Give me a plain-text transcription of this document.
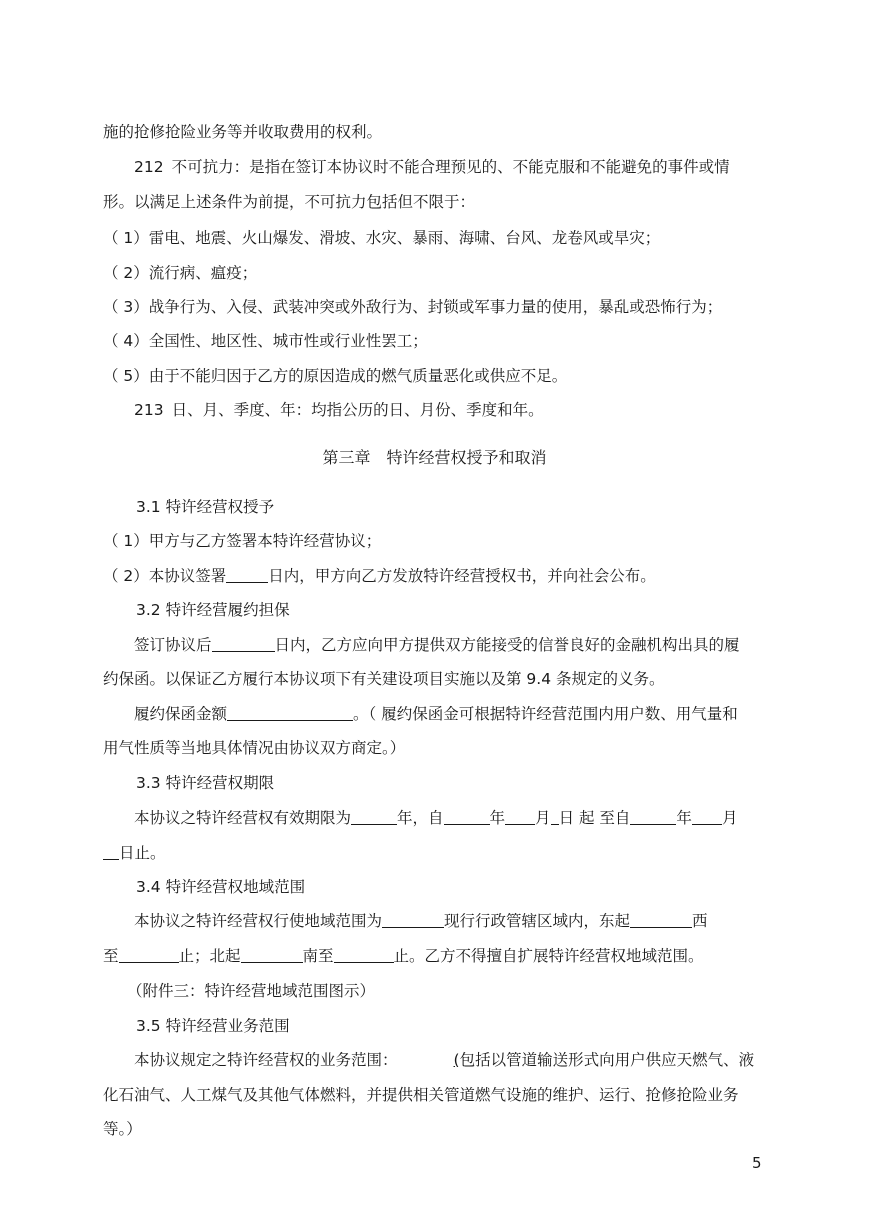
施的抢修抢险业务等并收取费用的权利。
212 不可抗力：是指在签订本协议时不能合理预见的、不能克服和不能避免的事件或情
形。以满足上述条件为前提，不可抗力包括但不限于：
（ 1）雷电、地震、火山爆发、滑坡、水灾、暴雨、海啸、台风、龙卷风或旱灾；
（ 2）流行病、瘟疫；
（ 3）战争行为、入侵、武装冲突或外敌行为、封锁或军事力量的使用，暴乱或恐怖行为；
（ 4）全国性、地区性、城市性或行业性罢工；
（ 5）由于不能归因于乙方的原因造成的燃气质量恶化或供应不足。
213 日、月、季度、年：均指公历的日、月份、季度和年。
第三章　特许经营权授予和取消
3.1 特许经营权授予
（ 1）甲方与乙方签署本特许经营协议；
（ 2）本协议签署	日内，甲方向乙方发放特许经营授权书，并向社会公布。
3.2 特许经营履约担保
签订协议后	日内，乙方应向甲方提供双方能接受的信誉良好的金融机构出具的履
约保函。以保证乙方履行本协议项下有关建设项目实施以及第 9.4 条规定的义务。
履约保函金额	。（ 履约保函金可根据特许经营范围内用户数、用气量和
用气性质等当地具体情况由协议双方商定。）
3.3 特许经营权期限
本协议之特许经营权有效期限为	年，自	年 月 日 起 至自	年 月
日止。
3.4 特许经营权地域范围
本协议之特许经营权行使地域范围为	现行行政管辖区域内，东起	西
至	止；北起	南至	止。乙方不得擅自扩展特许经营权地域范围。
（附件三：特许经营地域范围图示）
3.5 特许经营业务范围
本协议规定之特许经营权的业务范围：	(包括以管道输送形式向用户供应天燃气、液
化石油气、人工煤气及其他气体燃料，并提供相关管道燃气设施的维护、运行、抢修抢险业务
等。）
5
